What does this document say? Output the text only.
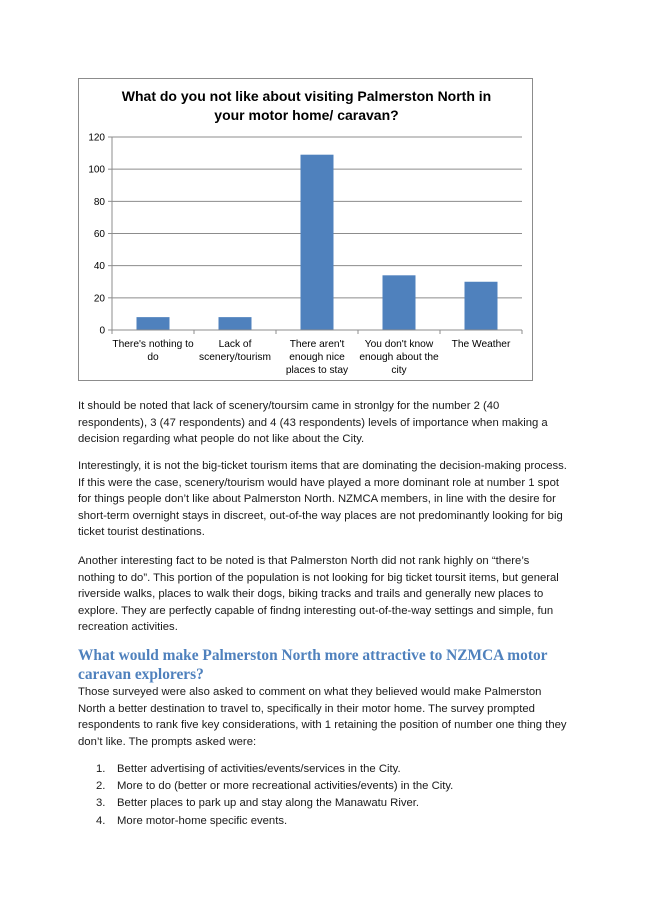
0
20
40
60
80
100
120
What do you not like about visiting Palmerston North in your motor home/ caravan?
There's nothing to
do
Lack of
scenery/tourism
There aren't
enough nice
places to stay
You don't know
enough about the
city
The Weather

It should be noted that lack of scenery/toursim came in stronlgy for the number 2 (40 respondents), 3 (47 respondents) and 4 (43 respondents) levels of importance when making a decision regarding what people do not like about the City.

Interestingly, it is not the big-ticket tourism items that are dominating the decision-making process. If this were the case, scenery/tourism would have played a more dominant role at number 1 spot for things people don’t like about Palmerston North. NZMCA members, in line with the desire for short-term overnight stays in discreet, out-of-the way places are not predominantly looking for big ticket tourist destinations.

Another interesting fact to be noted is that Palmerston North did not rank highly on “there’s nothing to do”. This portion of the population is not looking for big ticket toursit items, but general riverside walks, places to walk their dogs, biking tracks and trails and generally new places to explore. They are perfectly capable of findng interesting out-of-the-way settings and simple, fun recreation activities.

What would make Palmerston North more attractive to NZMCA motor caravan explorers?

Those surveyed were also asked to comment on what they believed would make Palmerston North a better destination to travel to, specifically in their motor home. The survey prompted respondents to rank five key considerations, with 1 retaining the position of number one thing they don’t like. The prompts asked were:

1.	Better advertising of activities/events/services in the City.
2.	More to do (better or more recreational activities/events) in the City.
3.	Better places to park up and stay along the Manawatu River.
4.	More motor-home specific events.
